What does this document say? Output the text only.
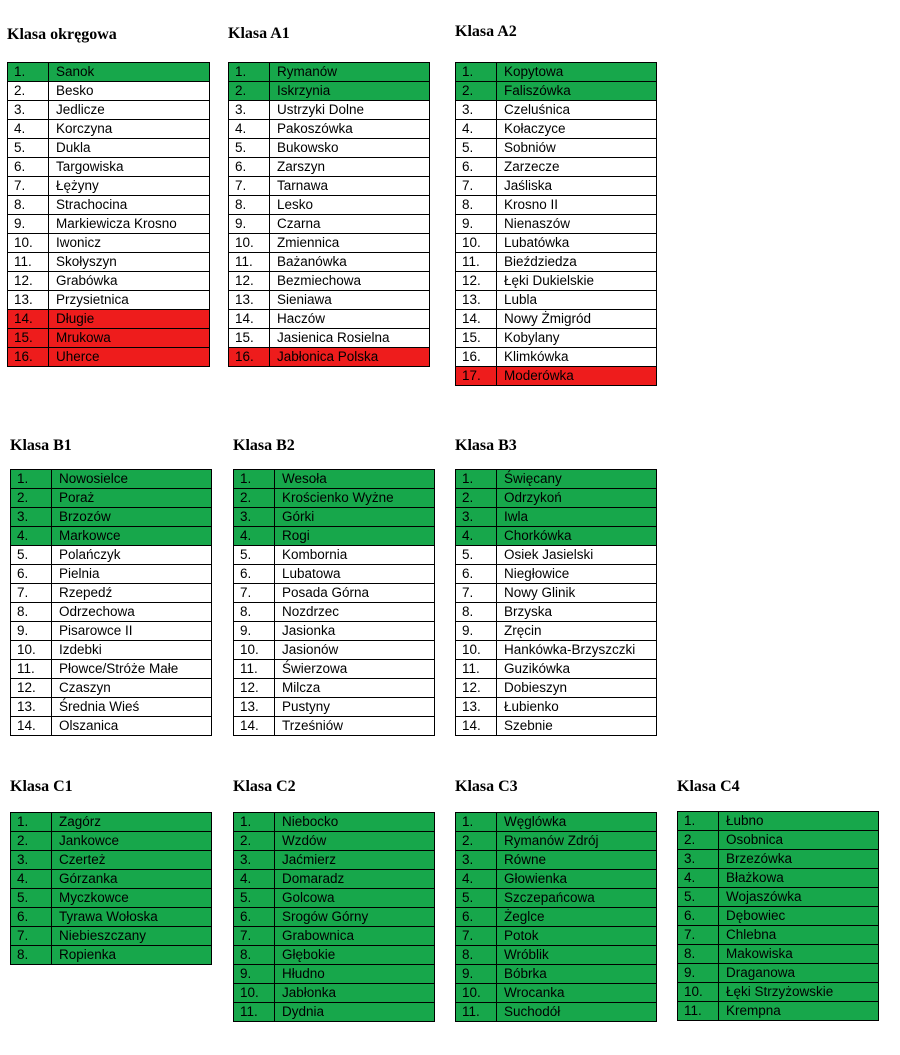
Klasa okręgowa
1.	Sanok
2.	Besko
3.	Jedlicze
4.	Korczyna
5.	Dukla
6.	Targowiska
7.	Łężyny
8.	Strachocina
9.	Markiewicza Krosno
10.	Iwonicz
11.	Skołyszyn
12.	Grabówka
13.	Przysietnica
14.	Długie
15.	Mrukowa
16.	Uherce
Klasa A1
1.	Rymanów
2.	Iskrzynia
3.	Ustrzyki Dolne
4.	Pakoszówka
5.	Bukowsko
6.	Zarszyn
7.	Tarnawa
8.	Lesko
9.	Czarna
10.	Zmiennica
11.	Bażanówka
12.	Bezmiechowa
13.	Sieniawa
14.	Haczów
15.	Jasienica Rosielna
16.	Jabłonica Polska
Klasa A2
1.	Kopytowa
2.	Faliszówka
3.	Czeluśnica
4.	Kołaczyce
5.	Sobniów
6.	Zarzecze
7.	Jaśliska
8.	Krosno II
9.	Nienaszów
10.	Lubatówka
11.	Bieździedza
12.	Łęki Dukielskie
13.	Lubla
14.	Nowy Żmigród
15.	Kobylany
16.	Klimkówka
17.	Moderówka
Klasa B1
1.	Nowosielce
2.	Poraż
3.	Brzozów
4.	Markowce
5.	Polańczyk
6.	Pielnia
7.	Rzepedź
8.	Odrzechowa
9.	Pisarowce II
10.	Izdebki
11.	Płowce/Stróże Małe
12.	Czaszyn
13.	Średnia Wieś
14.	Olszanica
Klasa B2
1.	Wesoła
2.	Krościenko Wyżne
3.	Górki
4.	Rogi
5.	Kombornia
6.	Lubatowa
7.	Posada Górna
8.	Nozdrzec
9.	Jasionka
10.	Jasionów
11.	Świerzowa
12.	Milcza
13.	Pustyny
14.	Trześniów
Klasa B3
1.	Święcany
2.	Odrzykoń
3.	Iwla
4.	Chorkówka
5.	Osiek Jasielski
6.	Niegłowice
7.	Nowy Glinik
8.	Brzyska
9.	Zręcin
10.	Hankówka-Brzyszczki
11.	Guzikówka
12.	Dobieszyn
13.	Łubienko
14.	Szebnie
Klasa C1
1.	Zagórz
2.	Jankowce
3.	Czerteż
4.	Górzanka
5.	Myczkowce
6.	Tyrawa Wołoska
7.	Niebieszczany
8.	Ropienka
Klasa C2
1.	Niebocko
2.	Wzdów
3.	Jaćmierz
4.	Domaradz
5.	Golcowa
6.	Srogów Górny
7.	Grabownica
8.	Głębokie
9.	Hłudno
10.	Jabłonka
11.	Dydnia
Klasa C3
1.	Węglówka
2.	Rymanów Zdrój
3.	Równe
4.	Głowienka
5.	Szczepańcowa
6.	Żeglce
7.	Potok
8.	Wróblik
9.	Bóbrka
10.	Wrocanka
11.	Suchodół
Klasa C4
1.	Łubno
2.	Osobnica
3.	Brzezówka
4.	Błażkowa
5.	Wojaszówka
6.	Dębowiec
7.	Chlebna
8.	Makowiska
9.	Draganowa
10.	Łęki Strzyżowskie
11.	Krempna
